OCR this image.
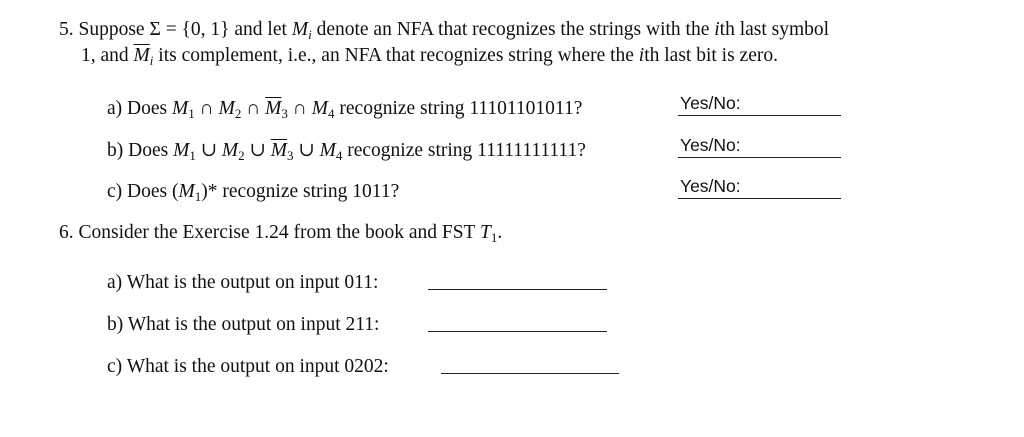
5. Suppose Σ = {0, 1} and let $M_i$ denote an NFA that recognizes the strings with the ith last symbol
1, and $\overline{M}_i$ its complement, i.e., an NFA that recognizes string where the ith last bit is zero.
a) Does $M_1$ ∩ $M_2$ ∩ $\overline{M}_3$ ∩ $M_4$ recognize string 11101101011?	Yes/No:
b) Does $M_1$ ∪ $M_2$ ∪ $\overline{M}_3$ ∪ $M_4$ recognize string 11111111111?	Yes/No:
c) Does $(M_1)*$ recognize string 1011?	Yes/No:
6. Consider the Exercise 1.24 from the book and FST $T_1$.
a) What is the output on input 011:
b) What is the output on input 211:
c) What is the output on input 0202:
